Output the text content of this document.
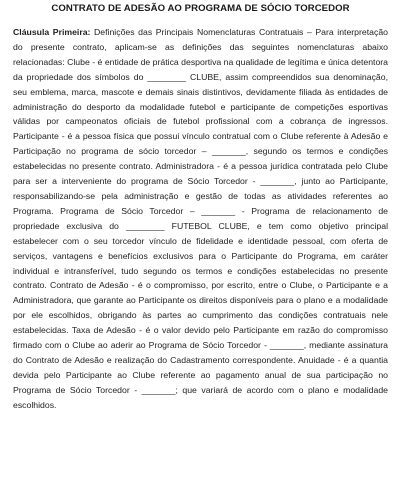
CONTRATO DE ADESÃO AO PROGRAMA DE SÓCIO TORCEDOR

Cláusula Primeira: Definições das Principais Nomenclaturas Contratuais – Para interpretação do presente contrato, aplicam-se as definições das seguintes nomenclaturas abaixo relacionadas: Clube - é entidade de prática desportiva na qualidade de legítima e única detentora da propriedade dos símbolos do ________ CLUBE, assim compreendidos sua denominação, seu emblema, marca, mascote e demais sinais distintivos, devidamente filiada às entidades de administração do desporto da modalidade futebol e participante de competições esportivas válidas por campeonatos oficiais de futebol profissional com a cobrança de ingressos. Participante - é a pessoa física que possui vínculo contratual com o Clube referente à Adesão e Participação no programa de sócio torcedor – _______, segundo os termos e condições estabelecidas no presente contrato. Administradora - é a pessoa jurídica contratada pelo Clube para ser a interveniente do programa de Sócio Torcedor - _______, junto ao Participante, responsabilizando-se pela administração e gestão de todas as atividades referentes ao Programa. Programa de Sócio Torcedor – _______ - Programa de relacionamento de propriedade exclusiva do ________ FUTEBOL CLUBE, e tem como objetivo principal estabelecer com o seu torcedor vínculo de fidelidade e identidade pessoal, com oferta de serviços, vantagens e benefícios exclusivos para o Participante do Programa, em caráter individual e intransferível, tudo segundo os termos e condições estabelecidas no presente contrato. Contrato de Adesão - é o compromisso, por escrito, entre o Clube, o Participante e a Administradora, que garante ao Participante os direitos disponíveis para o plano e a modalidade por ele escolhidos, obrigando às partes ao cumprimento das condições contratuais nele estabelecidas. Taxa de Adesão - é o valor devido pelo Participante em razão do compromisso firmado com o Clube ao aderir ao Programa de Sócio Torcedor - _______, mediante assinatura do Contrato de Adesão e realização do Cadastramento correspondente. Anuidade - é a quantia devida pelo Participante ao Clube referente ao pagamento anual de sua participação no Programa de Sócio Torcedor - _______; que variará de acordo com o plano e modalidade escolhidos.
